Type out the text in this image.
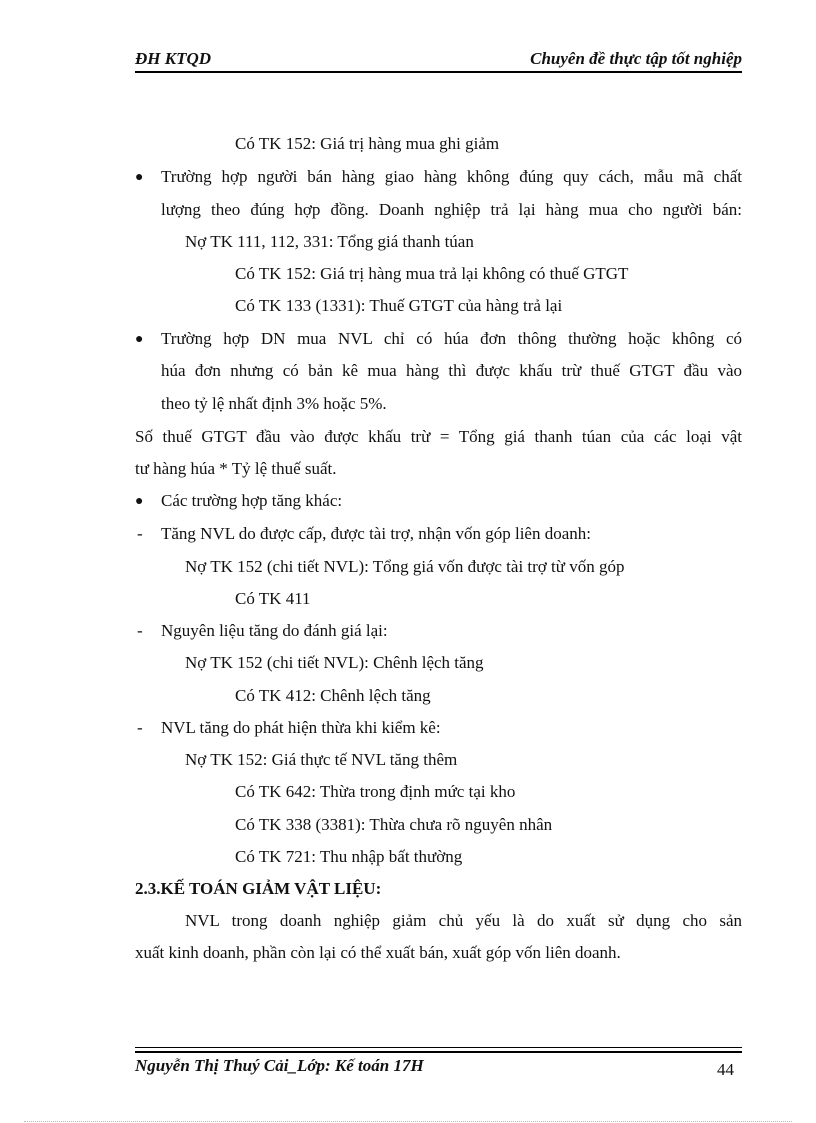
ĐH KTQD	Chuyên đề thực tập tốt nghiệp
Có TK 152: Giá trị hàng mua ghi giảm
● Trường hợp người bán hàng giao hàng không đúng quy cách, mẫu mã chất
lượng theo đúng hợp đồng. Doanh nghiệp trả lại hàng mua cho người bán:
Nợ TK 111, 112, 331: Tổng giá thanh túan
Có TK 152: Giá trị hàng mua trả lại không có thuế GTGT
Có TK 133 (1331): Thuế GTGT của hàng trả lại
● Trường hợp DN mua NVL chỉ có húa đơn thông thường hoặc không có
húa đơn nhưng có bản kê mua hàng thì được khấu trừ thuế GTGT đầu vào
theo tỷ lệ nhất định 3% hoặc 5%.
Số thuế GTGT đầu vào được khấu trừ = Tổng giá thanh túan của các loại vật
tư hàng húa * Tỷ lệ thuế suất.
● Các trường hợp tăng khác:
- Tăng NVL do được cấp, được tài trợ, nhận vốn góp liên doanh:
Nợ TK 152 (chi tiết NVL): Tổng giá vốn được tài trợ từ vốn góp
Có TK 411
- Nguyên liệu tăng do đánh giá lại:
Nợ TK 152 (chi tiết NVL): Chênh lệch tăng
Có TK 412: Chênh lệch tăng
- NVL tăng do phát hiện thừa khi kiểm kê:
Nợ TK 152: Giá thực tế NVL tăng thêm
Có TK 642: Thừa trong định mức tại kho
Có TK 338 (3381): Thừa chưa rõ nguyên nhân
Có TK 721: Thu nhập bất thường
2.3.KẾ TOÁN GIẢM VẬT LIỆU:
NVL trong doanh nghiệp giảm chủ yếu là do xuất sử dụng cho sản
xuất kinh doanh, phần còn lại có thể xuất bán, xuất góp vốn liên doanh.
Nguyễn Thị Thuý Cải_Lớp: Kế toán 17H	44
